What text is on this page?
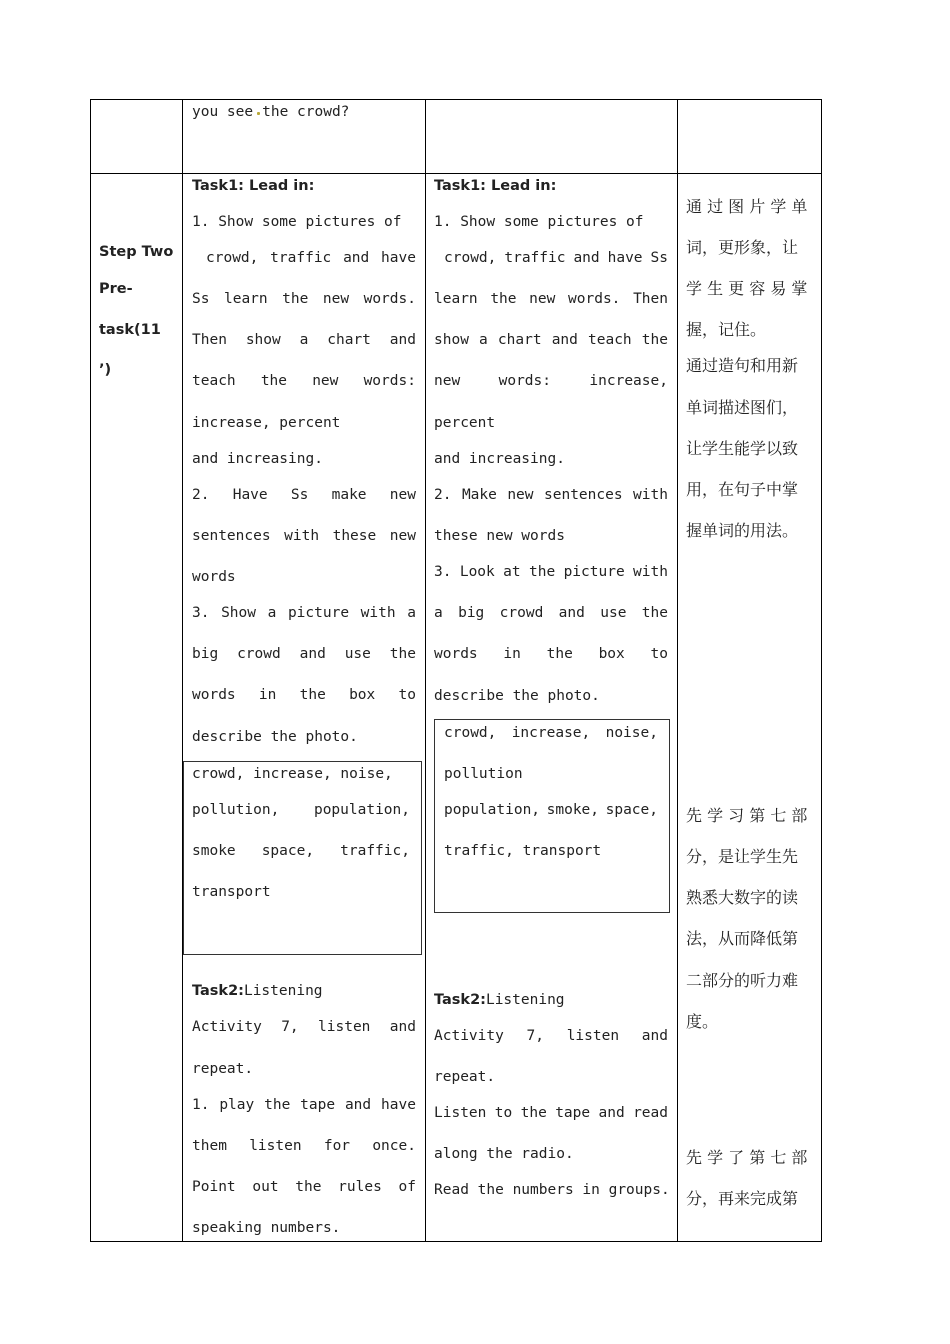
you see the crowd?
Step Two
Pre-
task(11
’)
Task1: Lead in:
1. Show some pictures of
crowd, traffic and have
Ss learn the new words.
Then show a chart and
teach the new words:
increase, percent
and increasing.
2. Have Ss make new
sentences with these new
words
3. Show a picture with a
big crowd and use the
words in the box to
describe the photo.
crowd, increase, noise,
pollution, population,
smoke space, traffic,
transport
Task2:Listening
Activity 7, listen and
repeat.
1. play the tape and have
them listen for once.
Point out the rules of
speaking numbers.
Task1: Lead in:
1. Show some pictures of
crowd, traffic and have Ss
learn the new words. Then
show a chart and teach the
new	words:	increase,
percent
and increasing.
2. Make new sentences with
these new words
3. Look at the picture with
a big crowd and use the
words in the box to
describe the photo.
crowd, increase, noise,
pollution
population, smoke, space,
traffic, transport
Task2:Listening
Activity 7, listen and
repeat.
Listen to the tape and read
along the radio.
Read the numbers in groups.
通 过 图 片 学 单
词，更形象，让
学 生 更 容 易 掌
握，记住。
通过造句和用新
单词描述图们，
让学生能学以致
用，在句子中掌
握单词的用法。
先 学 习 第 七 部
分，是让学生先
熟悉大数字的读
法，从而降低第
二部分的听力难
度。
先 学 了 第 七 部
分，再来完成第
